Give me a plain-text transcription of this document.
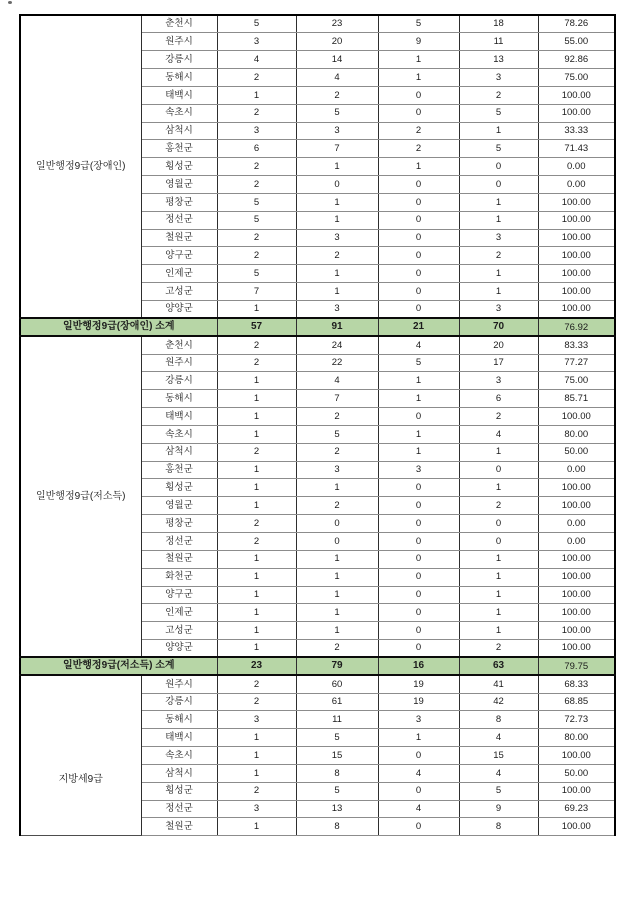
일반행정9급(장애인)	춘천시	5	23	5	18	78.26
	원주시	3	20	9	11	55.00
	강릉시	4	14	1	13	92.86
	동해시	2	4	1	3	75.00
	태백시	1	2	0	2	100.00
	속초시	2	5	0	5	100.00
	삼척시	3	3	2	1	33.33
	홍천군	6	7	2	5	71.43
	횡성군	2	1	1	0	0.00
	영월군	2	0	0	0	0.00
	평창군	5	1	0	1	100.00
	정선군	5	1	0	1	100.00
	철원군	2	3	0	3	100.00
	양구군	2	2	0	2	100.00
	인제군	5	1	0	1	100.00
	고성군	7	1	0	1	100.00
	양양군	1	3	0	3	100.00
일반행정9급(장애인) 소계		57	91	21	70	76.92
일반행정9급(저소득)	춘천시	2	24	4	20	83.33
	원주시	2	22	5	17	77.27
	강릉시	1	4	1	3	75.00
	동해시	1	7	1	6	85.71
	태백시	1	2	0	2	100.00
	속초시	1	5	1	4	80.00
	삼척시	2	2	1	1	50.00
	홍천군	1	3	3	0	0.00
	횡성군	1	1	0	1	100.00
	영월군	1	2	0	2	100.00
	평창군	2	0	0	0	0.00
	정선군	2	0	0	0	0.00
	철원군	1	1	0	1	100.00
	화천군	1	1	0	1	100.00
	양구군	1	1	0	1	100.00
	인제군	1	1	0	1	100.00
	고성군	1	1	0	1	100.00
	양양군	1	2	0	2	100.00
일반행정9급(저소득) 소계		23	79	16	63	79.75
지방세9급	원주시	2	60	19	41	68.33
	강릉시	2	61	19	42	68.85
	동해시	3	11	3	8	72.73
	태백시	1	5	1	4	80.00
	속초시	1	15	0	15	100.00
	삼척시	1	8	4	4	50.00
	횡성군	2	5	0	5	100.00
	정선군	3	13	4	9	69.23
	철원군	1	8	0	8	100.00
